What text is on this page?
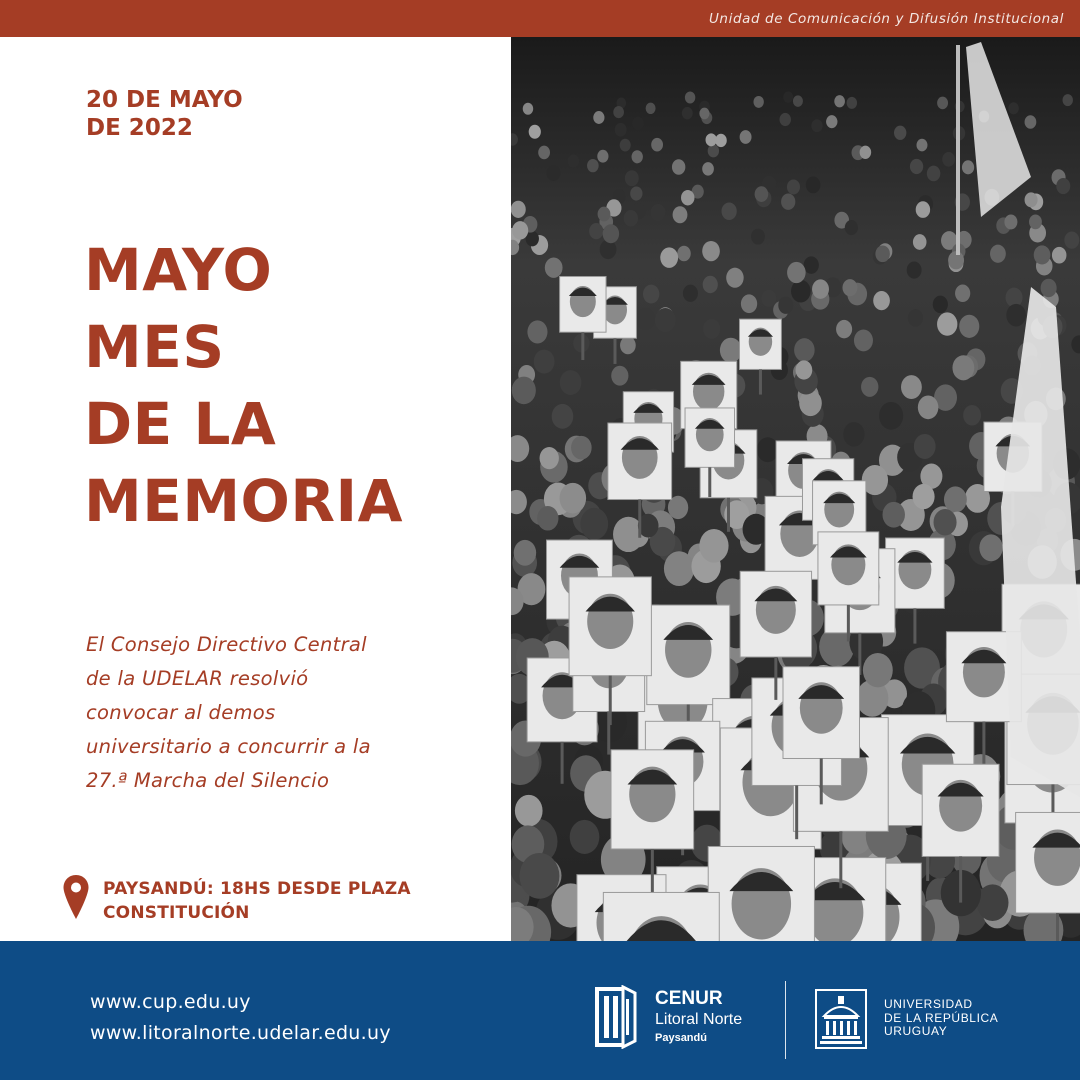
Unidad de Comunicación y Difusión Institucional
20 DE MAYO
DE 2022
MAYO
MES
DE LA
MEMORIA
El Consejo Directivo Central
de la UDELAR resolvió
convocar al demos
universitario a concurrir a la
27.ª Marcha del Silencio
PAYSANDÚ: 18HS DESDE PLAZA
CONSTITUCIÓN
www.cup.edu.uy
www.litoralnorte.udelar.edu.uy
CENUR
Litoral Norte
Paysandú
UNIVERSIDAD
DE LA REPÚBLICA
URUGUAY
